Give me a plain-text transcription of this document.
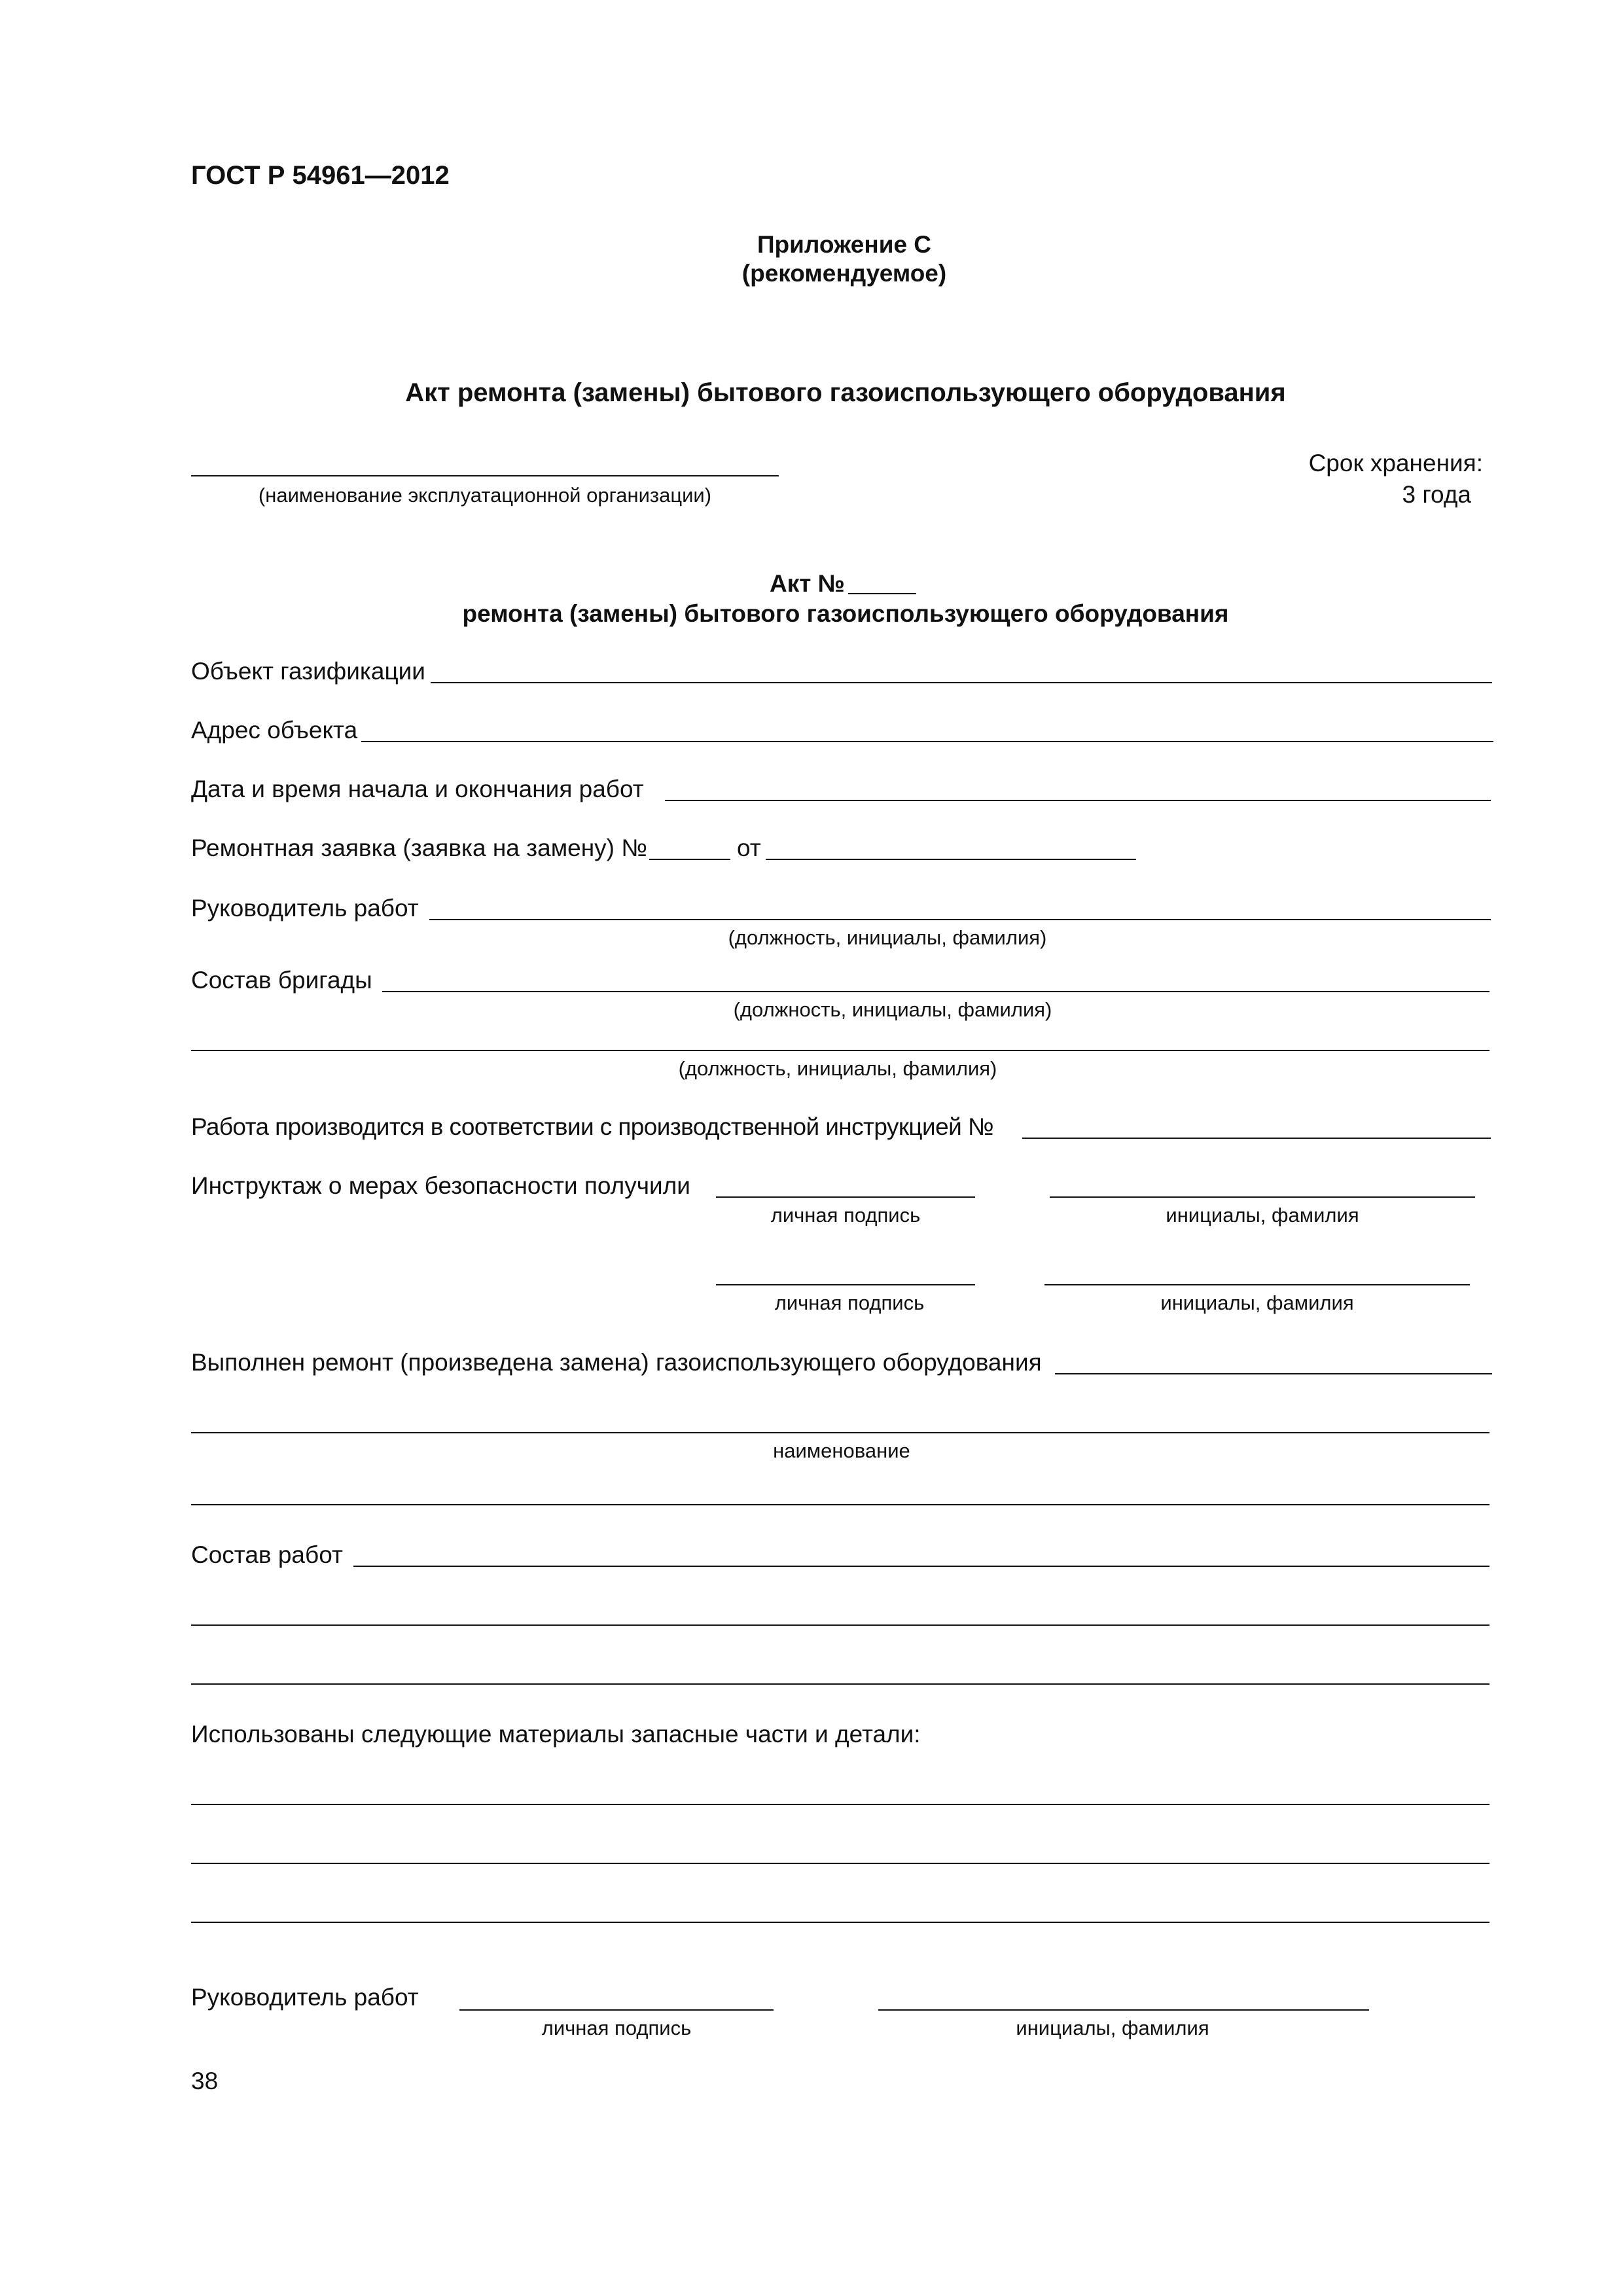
ГОСТ Р 54961—2012
Приложение С
(рекомендуемое)
Акт ремонта (замены) бытового газоиспользующего оборудования
(наименование эксплуатационной организации)
Срок хранения:
3 года
Акт №
ремонта (замены) бытового газоиспользующего оборудования
Объект газификации
Адрес объекта
Дата и время начала и окончания работ
Ремонтная заявка (заявка на замену) №	от
Руководитель работ
(должность, инициалы, фамилия)
Состав бригады
(должность, инициалы, фамилия)
(должность, инициалы, фамилия)
Работа производится в соответствии с производственной инструкцией №
Инструктаж о мерах безопасности получили
личная подпись	инициалы, фамилия
личная подпись	инициалы, фамилия
Выполнен ремонт (произведена замена) газоиспользующего оборудования
наименование
Состав работ
Использованы следующие материалы запасные части и детали:
Руководитель работ
личная подпись	инициалы, фамилия
38
